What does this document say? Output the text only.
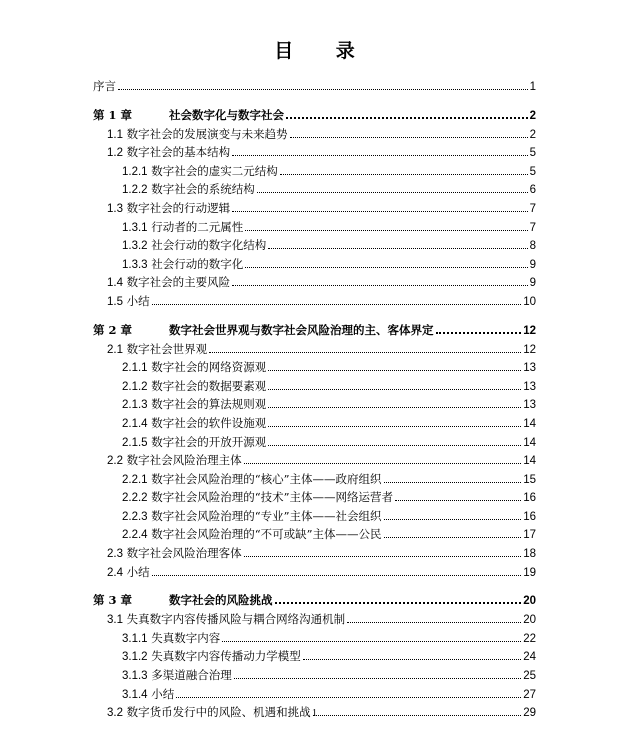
目 录
序言	1
第 1 章	社会数字化与数字社会	2
1.1 数字社会的发展演变与未来趋势	2
1.2 数字社会的基本结构	5
1.2.1 数字社会的虚实二元结构	5
1.2.2 数字社会的系统结构	6
1.3 数字社会的行动逻辑	7
1.3.1 行动者的二元属性	7
1.3.2 社会行动的数字化结构	8
1.3.3 社会行动的数字化	9
1.4 数字社会的主要风险	9
1.5 小结	10
第 2 章	数字社会世界观与数字社会风险治理的主、客体界定	12
2.1 数字社会世界观	12
2.1.1 数字社会的网络资源观	13
2.1.2 数字社会的数据要素观	13
2.1.3 数字社会的算法规则观	13
2.1.4 数字社会的软件设施观	14
2.1.5 数字社会的开放开源观	14
2.2 数字社会风险治理主体	14
2.2.1 数字社会风险治理的“核心”主体——政府组织	15
2.2.2 数字社会风险治理的“技术”主体——网络运营者	16
2.2.3 数字社会风险治理的“专业”主体——社会组织	16
2.2.4 数字社会风险治理的“不可或缺”主体——公民	17
2.3 数字社会风险治理客体	18
2.4 小结	19
第 3 章	数字社会的风险挑战	20
3.1 失真数字内容传播风险与耦合网络沟通机制	20
3.1.1 失真数字内容	22
3.1.2 失真数字内容传播动力学模型	24
3.1.3 多渠道融合治理	25
3.1.4 小结	27
3.2 数字货币发行中的风险、机遇和挑战	29
1
